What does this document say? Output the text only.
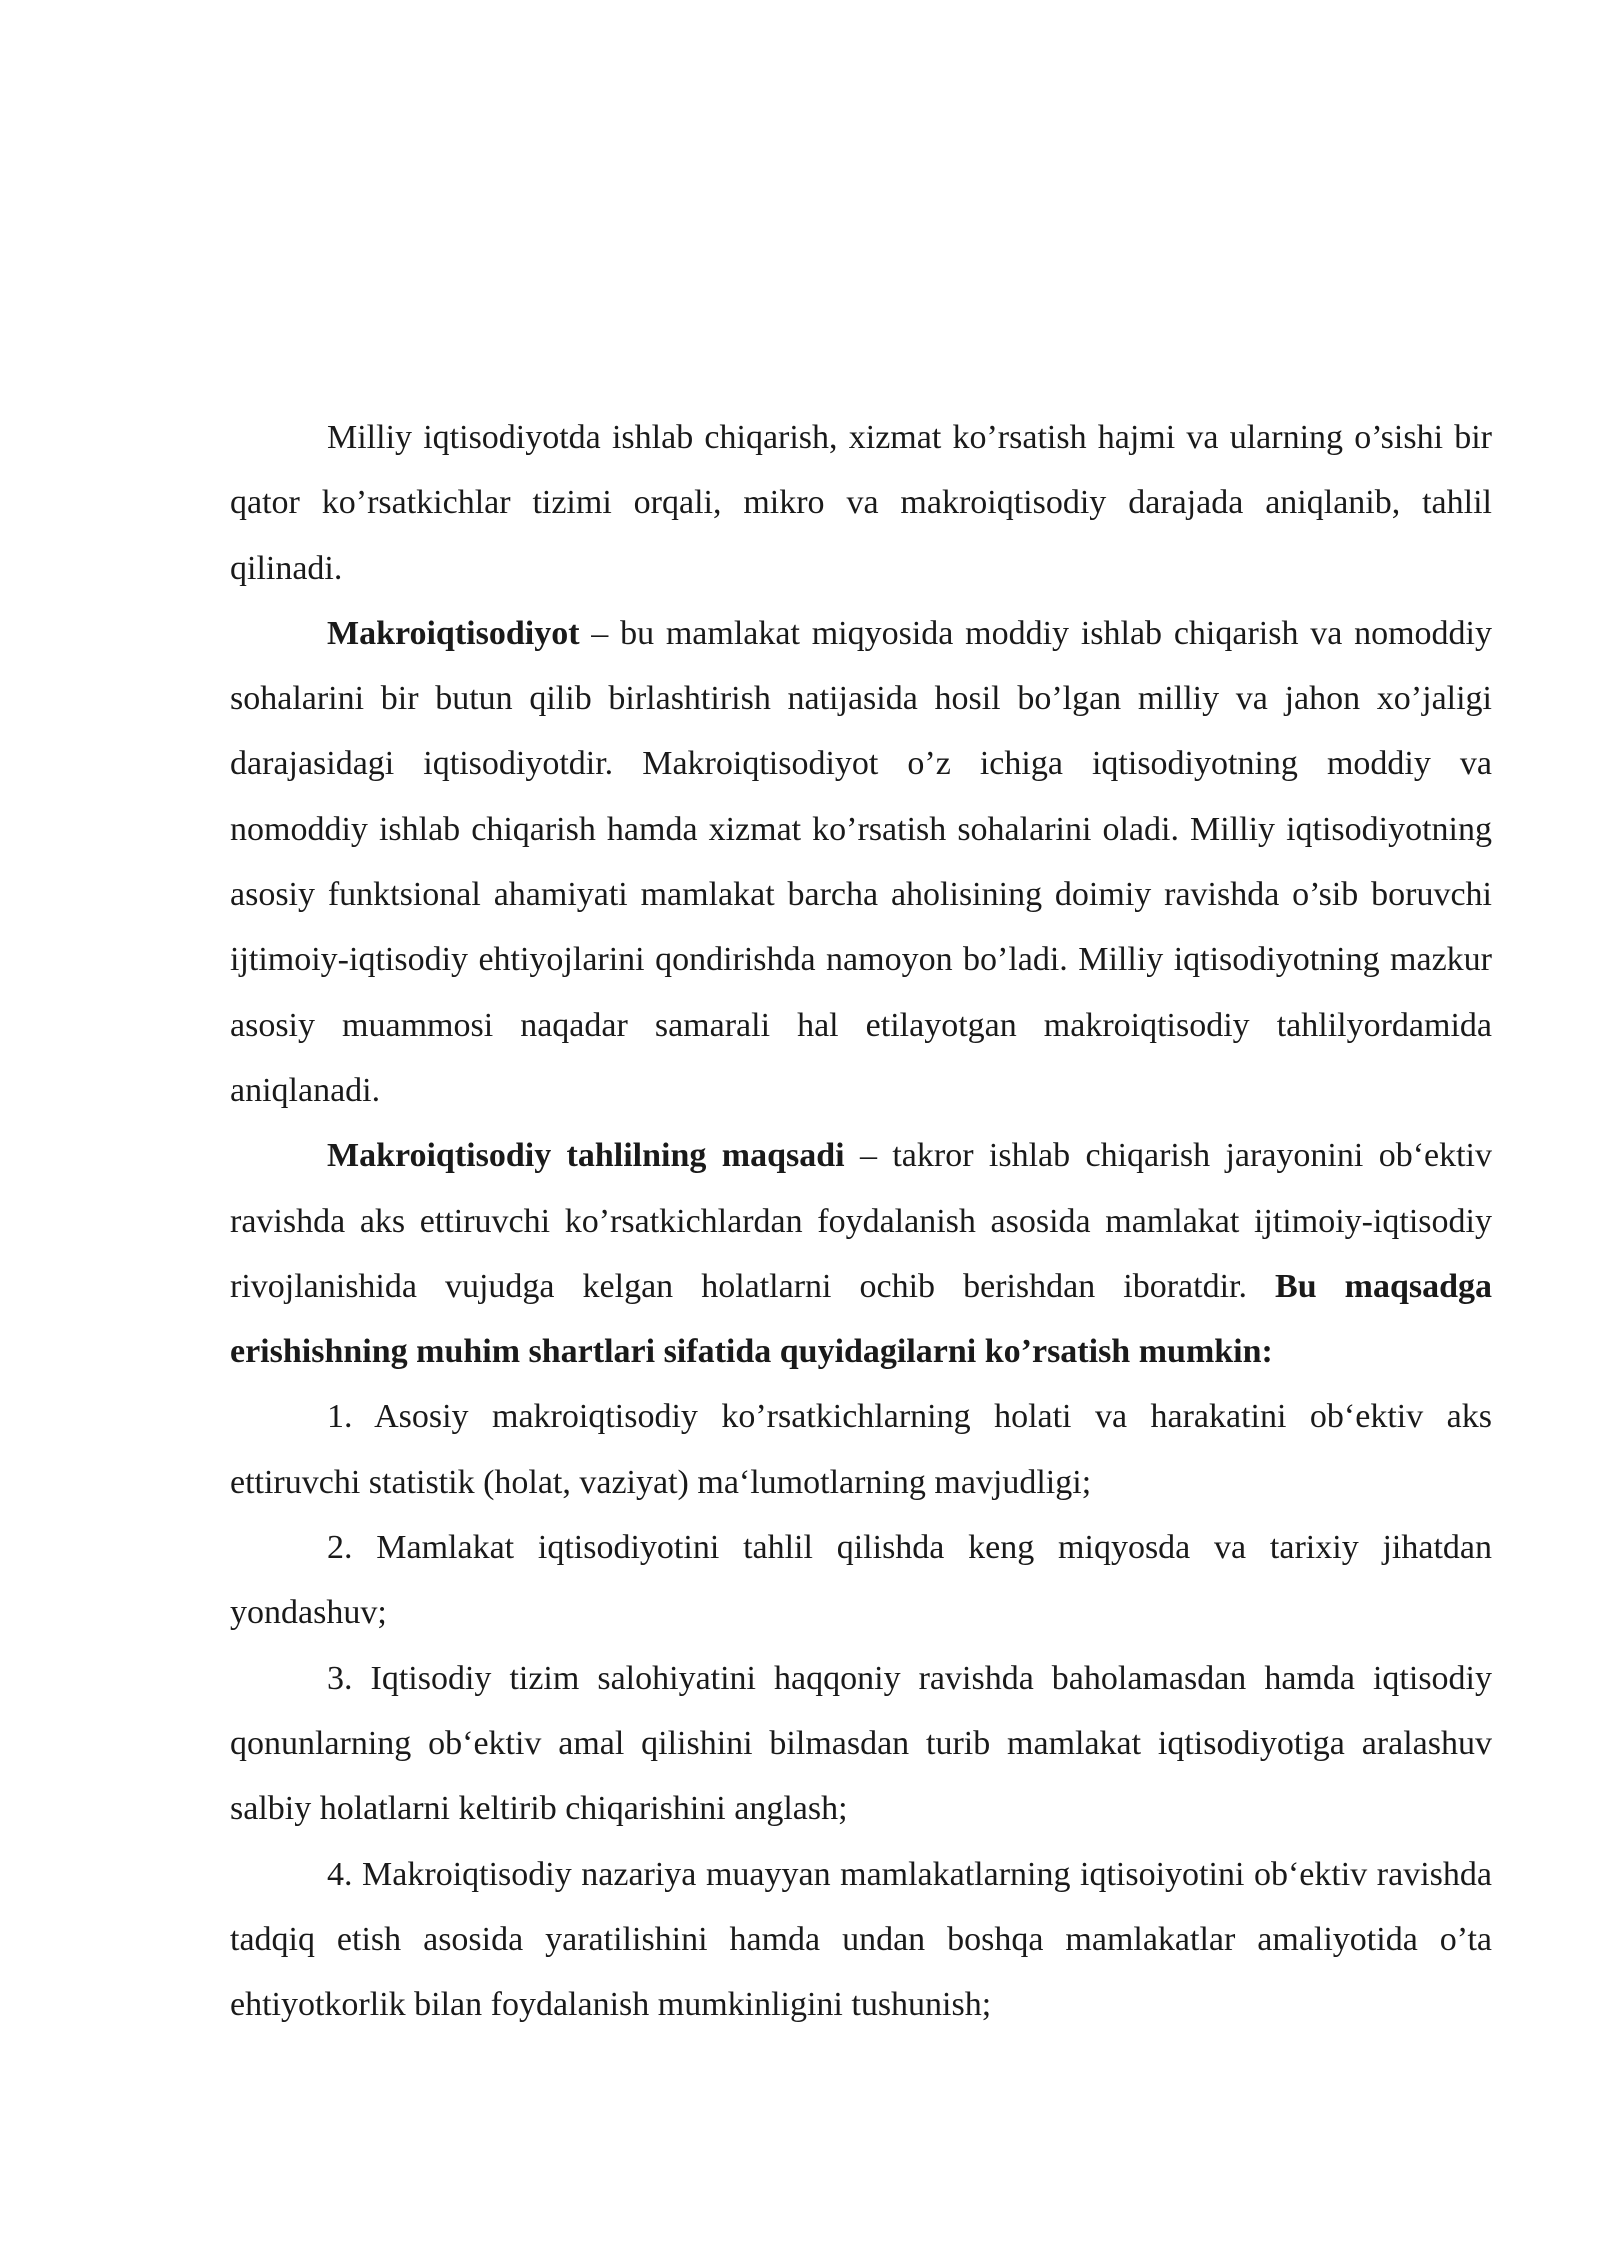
Milliy iqtisodiyotda ishlab chiqarish, xizmat ko’rsatish hajmi va ularning o’sishi bir qator ko’rsatkichlar tizimi orqali, mikro va makroiqtisodiy darajada aniqlanib, tahlil qilinadi.

Makroiqtisodiyot – bu mamlakat miqyosida moddiy ishlab chiqarish va nomoddiy sohalarini bir butun qilib birlashtirish natijasida hosil bo’lgan milliy va jahon xo’jaligi darajasidagi iqtisodiyotdir. Makroiqtisodiyot o’z ichiga iqtisodiyotning moddiy va nomoddiy ishlab chiqarish hamda xizmat ko’rsatish sohalarini oladi. Milliy iqtisodiyotning asosiy funktsional ahamiyati mamlakat barcha aholisining doimiy ravishda o’sib boruvchi ijtimoiy-iqtisodiy ehtiyojlarini qondirishda namoyon bo’ladi. Milliy iqtisodiyotning mazkur asosiy muammosi naqadar samarali hal etilayotgan makroiqtisodiy tahlilyordamida aniqlanadi.

Makroiqtisodiy tahlilning maqsadi – takror ishlab chiqarish jarayonini ob‘ektiv ravishda aks ettiruvchi ko’rsatkichlardan foydalanish asosida mamlakat ijtimoiy-iqtisodiy rivojlanishida vujudga kelgan holatlarni ochib berishdan iboratdir. Bu maqsadga erishishning muhim shartlari sifatida quyidagilarni ko’rsatish mumkin:

1. Asosiy makroiqtisodiy ko’rsatkichlarning holati va harakatini ob‘ektiv aks ettiruvchi statistik (holat, vaziyat) ma‘lumotlarning mavjudligi;

2. Mamlakat iqtisodiyotini tahlil qilishda keng miqyosda va tarixiy jihatdan yondashuv;

3. Iqtisodiy tizim salohiyatini haqqoniy ravishda baholamasdan hamda iqtisodiy qonunlarning ob‘ektiv amal qilishini bilmasdan turib mamlakat iqtisodiyotiga aralashuv salbiy holatlarni keltirib chiqarishini anglash;

4. Makroiqtisodiy nazariya muayyan mamlakatlarning iqtisoiyotini ob‘ektiv ravishda tadqiq etish asosida yaratilishini hamda undan boshqa mamlakatlar amaliyotida o’ta ehtiyotkorlik bilan foydalanish mumkinligini tushunish;
